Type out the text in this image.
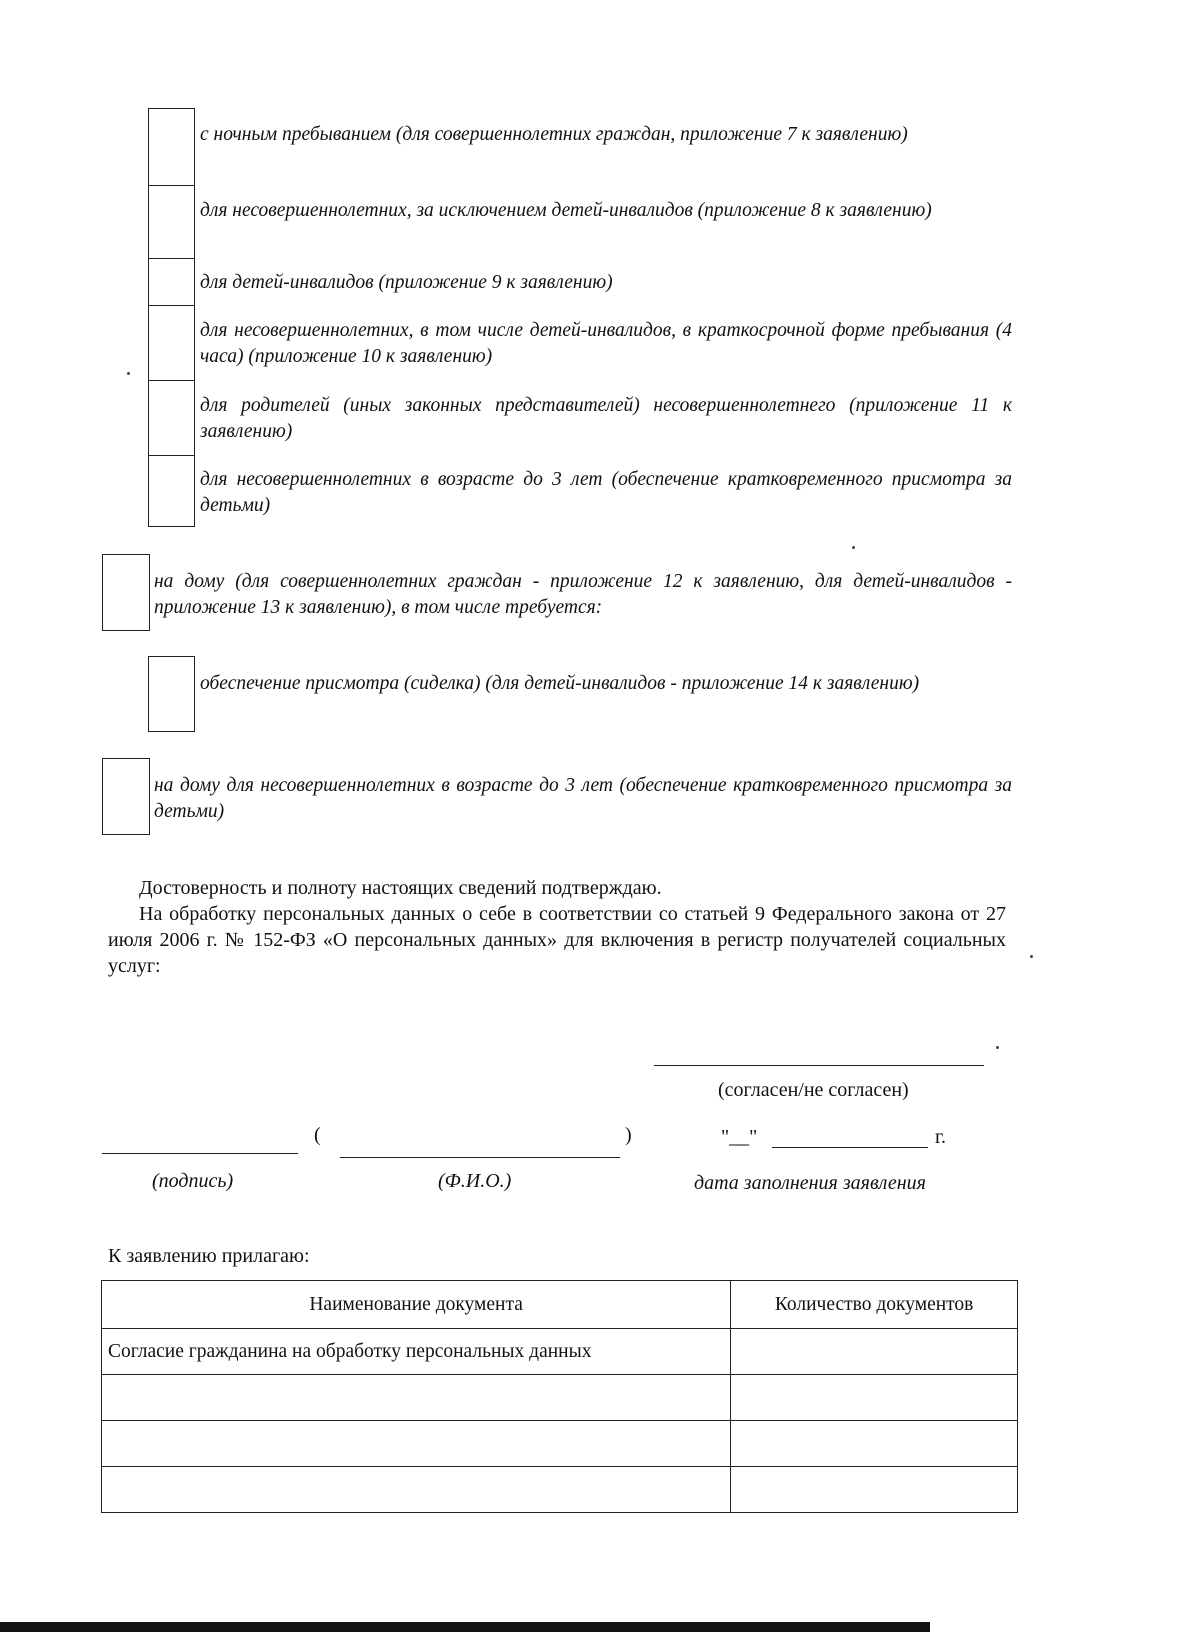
с ночным пребыванием (для совершеннолетних граждан, приложение 7 к заявлению)
для несовершеннолетних, за исключением детей-инвалидов (приложение 8 к заявлению)
для детей-инвалидов (приложение 9 к заявлению)
для несовершеннолетних, в том числе детей-инвалидов, в краткосрочной форме пребывания (4 часа) (приложение 10 к заявлению)
для родителей (иных законных представителей) несовершеннолетнего (приложение 11 к заявлению)
для несовершеннолетних в возрасте до 3 лет (обеспечение кратковременного присмотра за детьми)
на дому (для совершеннолетних граждан - приложение 12 к заявлению, для детей-инвалидов - приложение 13 к заявлению), в том числе требуется:
обеспечение присмотра (сиделка) (для детей-инвалидов - приложение 14 к заявлению)
на дому для несовершеннолетних в возрасте до 3 лет (обеспечение кратковременного присмотра за детьми)
Достоверность и полноту настоящих сведений подтверждаю.
На обработку персональных данных о себе в соответствии со статьей 9 Федерального закона от 27 июля 2006 г. № 152-ФЗ «О персональных данных» для включения в регистр получателей социальных услуг:
(согласен/не согласен)
(	)	"__"	г.
(подпись)	(Ф.И.О.)	дата заполнения заявления
К заявлению прилагаю:
Наименование документа	Количество документов
Согласие гражданина на обработку персональных данных	
